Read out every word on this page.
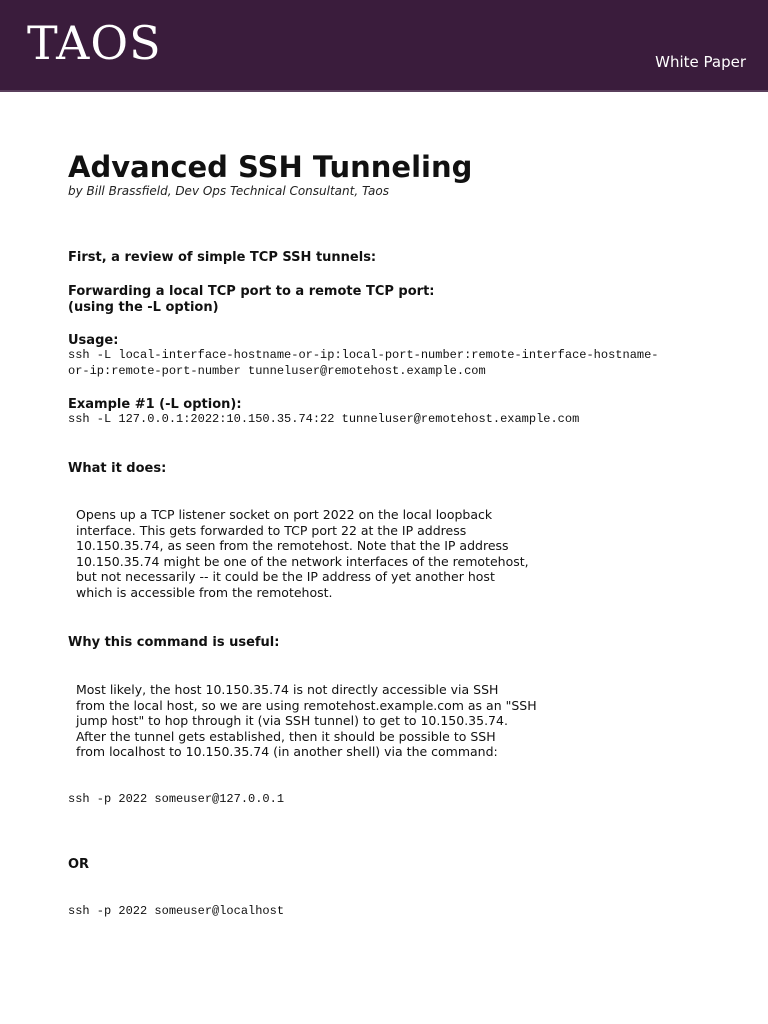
TAOS	White Paper
Advanced SSH Tunneling
by Bill Brassfield, Dev Ops Technical Consultant, Taos
First, a review of simple TCP SSH tunnels:
Forwarding a local TCP port to a remote TCP port:
(using the -L option)
Usage:
ssh -L local-interface-hostname-or-ip:local-port-number:remote-interface-hostname-
or-ip:remote-port-number tunneluser@remotehost.example.com
Example #1 (-L option):
ssh -L 127.0.0.1:2022:10.150.35.74:22 tunneluser@remotehost.example.com
What it does:
Opens up a TCP listener socket on port 2022 on the local loopback
interface. This gets forwarded to TCP port 22 at the IP address
10.150.35.74, as seen from the remotehost. Note that the IP address
10.150.35.74 might be one of the network interfaces of the remotehost,
but not necessarily -- it could be the IP address of yet another host
which is accessible from the remotehost.
Why this command is useful:
Most likely, the host 10.150.35.74 is not directly accessible via SSH
from the local host, so we are using remotehost.example.com as an "SSH
jump host" to hop through it (via SSH tunnel) to get to 10.150.35.74.
After the tunnel gets established, then it should be possible to SSH
from localhost to 10.150.35.74 (in another shell) via the command:
ssh -p 2022 someuser@127.0.0.1
OR
ssh -p 2022 someuser@localhost
